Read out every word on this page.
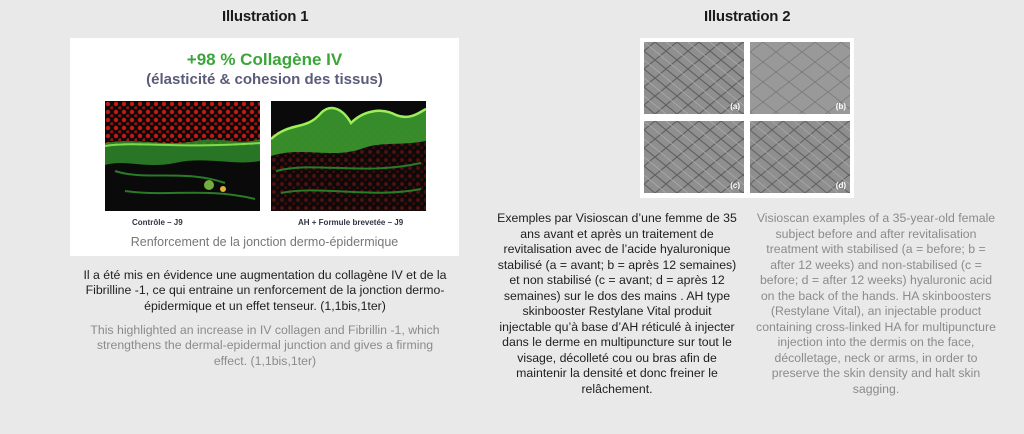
Illustration 1	Illustration 2
+98 % Collagène IV
(élasticité & cohesion des tissus)
Contrôle – J9	AH + Formule brevetée – J9
Renforcement de la jonction dermo-épidermique
Il a été mis en évidence une augmentation du collagène IV et de la Fibrilline -1, ce qui entraine un renforcement de la jonction dermo-épidermique et un effet tenseur. (1,1bis,1ter)
This highlighted an increase in IV collagen and Fibrillin -1, which strengthens the dermal-epidermal junction and gives a firming effect. (1,1bis,1ter)
(a)	(b)
(c)	(d)
Exemples par Visioscan d’une femme de 35 ans avant et après un traitement de revitalisation avec de l’acide hyaluronique stabilisé (a = avant; b = après 12 semaines) et non stabilisé (c = avant; d = après 12 semaines) sur le dos des mains . AH type skinbooster Restylane Vital produit injectable qu’à base d’AH réticulé à injecter dans le derme en multipuncture sur tout le visage, décolleté cou ou bras afin de maintenir la densité et donc freiner le relâchement.
Visioscan examples of a 35-year-old female subject before and after revitalisation treatment with stabilised (a = before; b = after 12 weeks) and non-stabilised (c = before; d = after 12 weeks) hyaluronic acid on the back of the hands. HA skinboosters (Restylane Vital), an injectable product containing cross-linked HA for multipuncture injection into the dermis on the face, décolletage, neck or arms, in order to preserve the skin density and halt skin sagging.
